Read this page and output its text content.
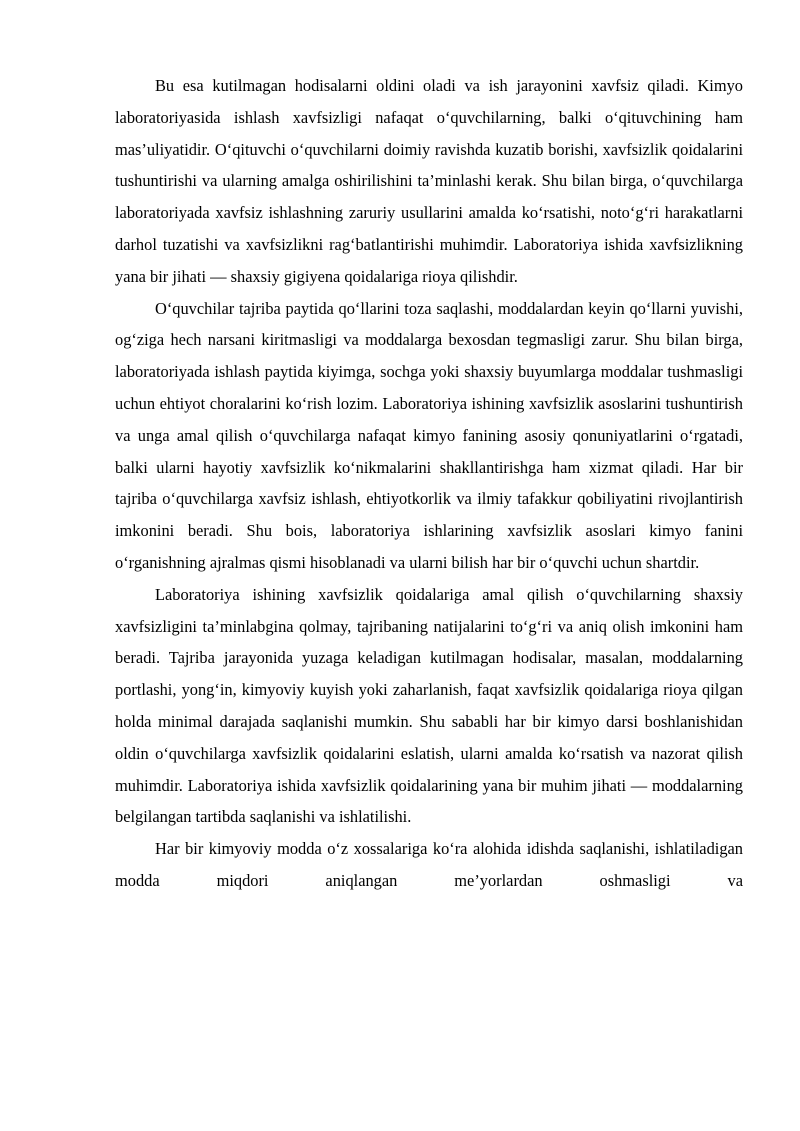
Bu esa kutilmagan hodisalarni oldini oladi va ish jarayonini xavfsiz qiladi. Kimyo laboratoriyasida ishlash xavfsizligi nafaqat o‘quvchilarning, balki o‘qituvchining ham mas’uliyatidir. O‘qituvchi o‘quvchilarni doimiy ravishda kuzatib borishi, xavfsizlik qoidalarini tushuntirishi va ularning amalga oshirilishini ta’minlashi kerak. Shu bilan birga, o‘quvchilarga laboratoriyada xavfsiz ishlashning zaruriy usullarini amalda ko‘rsatishi, noto‘g‘ri harakatlarni darhol tuzatishi va xavfsizlikni rag‘batlantirishi muhimdir. Laboratoriya ishida xavfsizlikning yana bir jihati — shaxsiy gigiyena qoidalariga rioya qilishdir.

O‘quvchilar tajriba paytida qo‘llarini toza saqlashi, moddalardan keyin qo‘llarni yuvishi, og‘ziga hech narsani kiritmasligi va moddalarga bexosdan tegmasligi zarur. Shu bilan birga, laboratoriyada ishlash paytida kiyimga, sochga yoki shaxsiy buyumlarga moddalar tushmasligi uchun ehtiyot choralarini ko‘rish lozim. Laboratoriya ishining xavfsizlik asoslarini tushuntirish va unga amal qilish o‘quvchilarga nafaqat kimyo fanining asosiy qonuniyatlarini o‘rgatadi, balki ularni hayotiy xavfsizlik ko‘nikmalarini shakllantirishga ham xizmat qiladi. Har bir tajriba o‘quvchilarga xavfsiz ishlash, ehtiyotkorlik va ilmiy tafakkur qobiliyatini rivojlantirish imkonini beradi. Shu bois, laboratoriya ishlarining xavfsizlik asoslari kimyo fanini o‘rganishning ajralmas qismi hisoblanadi va ularni bilish har bir o‘quvchi uchun shartdir.

Laboratoriya ishining xavfsizlik qoidalariga amal qilish o‘quvchilarning shaxsiy xavfsizligini ta’minlabgina qolmay, tajribaning natijalarini to‘g‘ri va aniq olish imkonini ham beradi. Tajriba jarayonida yuzaga keladigan kutilmagan hodisalar, masalan, moddalarning portlashi, yong‘in, kimyoviy kuyish yoki zaharlanish, faqat xavfsizlik qoidalariga rioya qilgan holda minimal darajada saqlanishi mumkin. Shu sababli har bir kimyo darsi boshlanishidan oldin o‘quvchilarga xavfsizlik qoidalarini eslatish, ularni amalda ko‘rsatish va nazorat qilish muhimdir. Laboratoriya ishida xavfsizlik qoidalarining yana bir muhim jihati — moddalarning belgilangan tartibda saqlanishi va ishlatilishi.

Har bir kimyoviy modda o‘z xossalariga ko‘ra alohida idishda saqlanishi, ishlatiladigan modda miqdori aniqlangan me’yorlardan oshmasligi va
